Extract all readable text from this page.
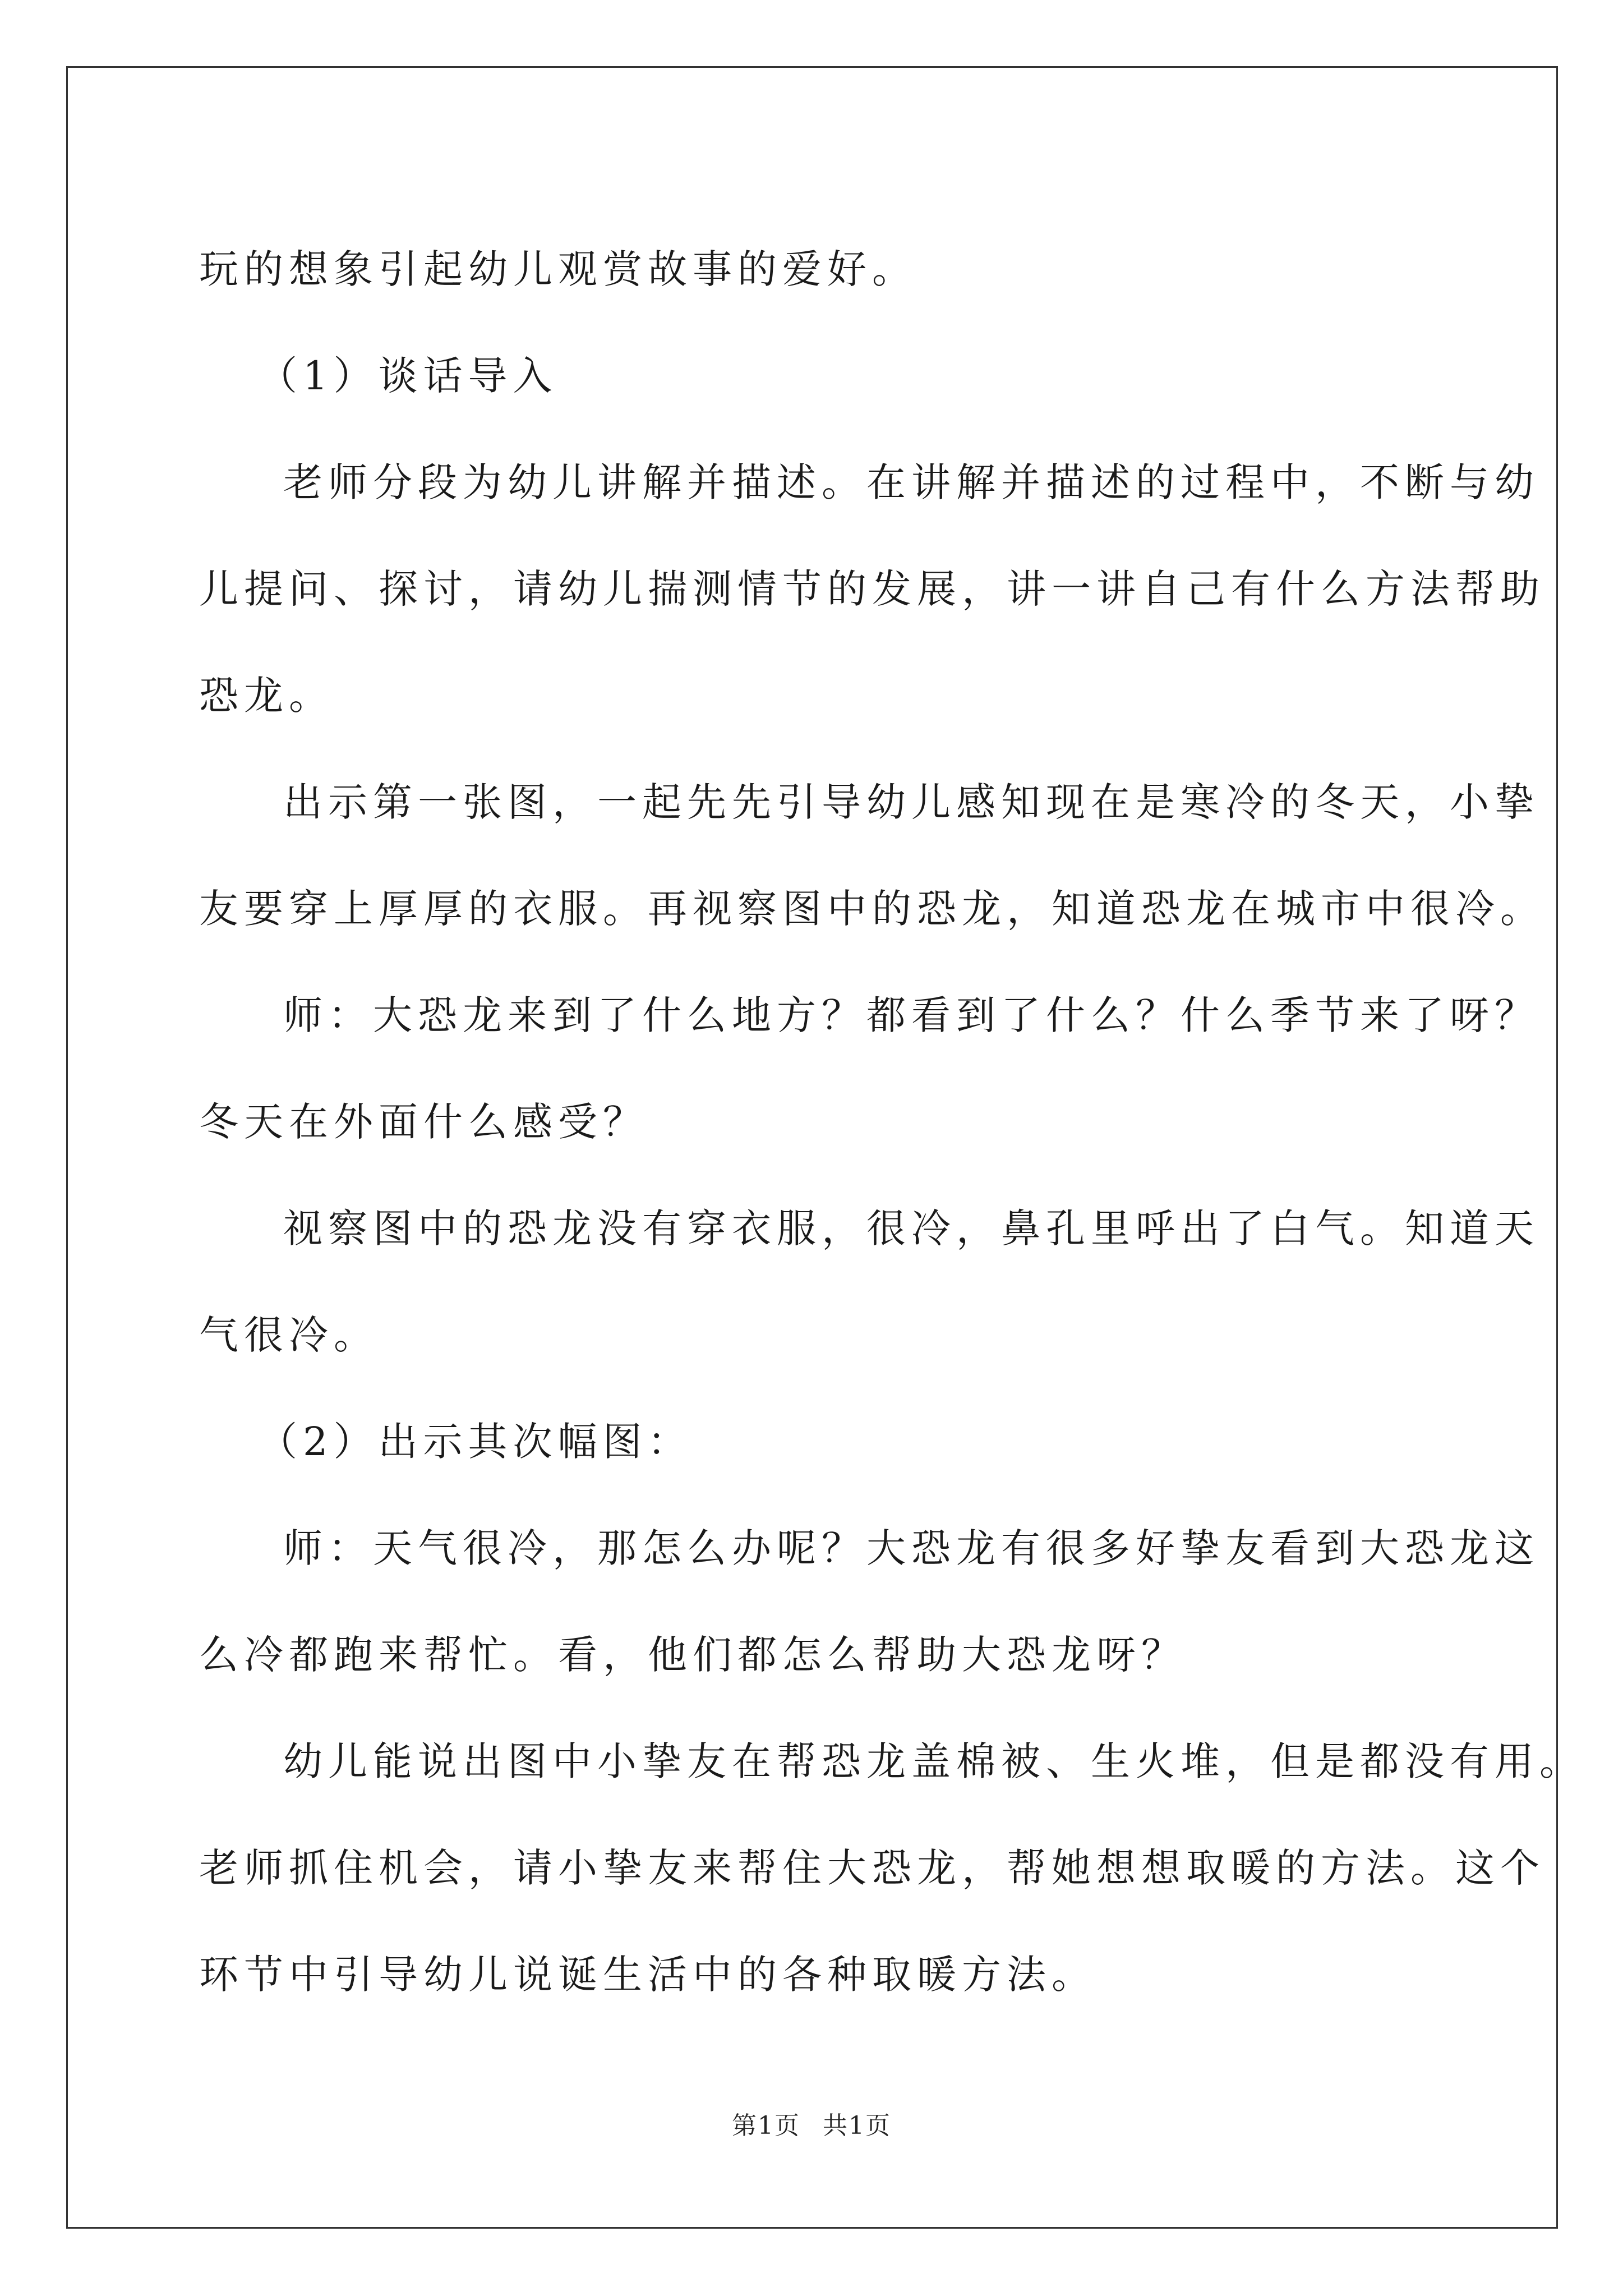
玩的想象引起幼儿观赏故事的爱好。

（1）谈话导入

老师分段为幼儿讲解并描述。在讲解并描述的过程中，不断与幼

儿提问、探讨，请幼儿揣测情节的发展，讲一讲自己有什么方法帮助

恐龙。

出示第一张图，一起先先引导幼儿感知现在是寒冷的冬天，小挚

友要穿上厚厚的衣服。再视察图中的恐龙，知道恐龙在城市中很冷。

师：大恐龙来到了什么地方？都看到了什么？什么季节来了呀？

冬天在外面什么感受？

视察图中的恐龙没有穿衣服，很冷，鼻孔里呼出了白气。知道天

气很冷。

（2）出示其次幅图：

师：天气很冷，那怎么办呢？大恐龙有很多好挚友看到大恐龙这

么冷都跑来帮忙。看，他们都怎么帮助大恐龙呀？

幼儿能说出图中小挚友在帮恐龙盖棉被、生火堆，但是都没有用。

老师抓住机会，请小挚友来帮住大恐龙，帮她想想取暖的方法。这个

环节中引导幼儿说诞生活中的各种取暖方法。

第1页 共1页
